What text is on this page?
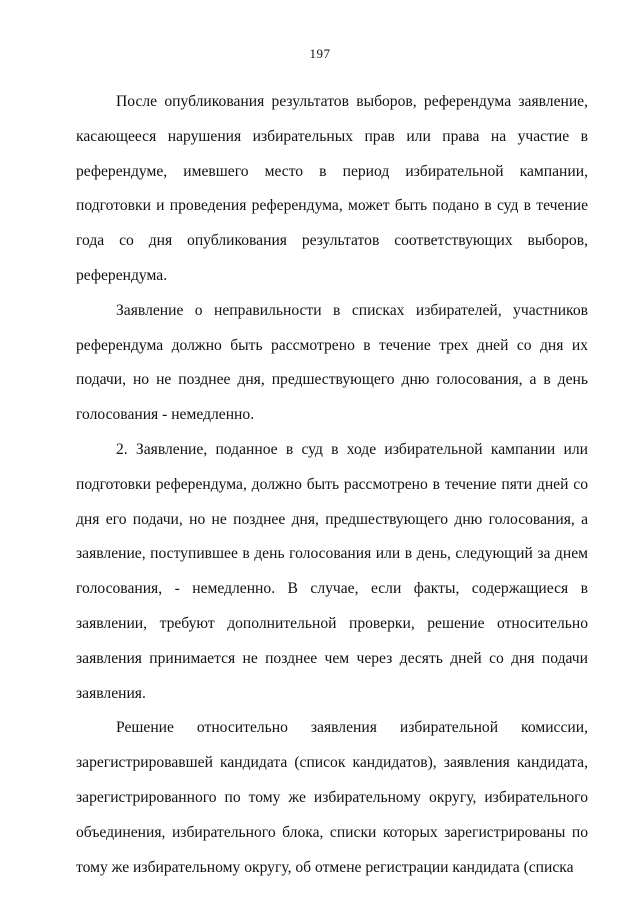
197

После опубликования результатов выборов, референдума заявление, касающееся нарушения избирательных прав или права на участие в референдуме, имевшего место в период избирательной кампании, подготовки и проведения референдума, может быть подано в суд в течение года со дня опубликования результатов соответствующих выборов, референдума.

Заявление о неправильности в списках избирателей, участников референдума должно быть рассмотрено в течение трех дней со дня их подачи, но не позднее дня, предшествующего дню голосования, а в день голосования - немедленно.

2. Заявление, поданное в суд в ходе избирательной кампании или подготовки референдума, должно быть рассмотрено в течение пяти дней со дня его подачи, но не позднее дня, предшествующего дню голосования, а заявление, поступившее в день голосования или в день, следующий за днем голосования, - немедленно. В случае, если факты, содержащиеся в заявлении, требуют дополнительной проверки, решение относительно заявления принимается не позднее чем через десять дней со дня подачи заявления.

Решение относительно заявления избирательной комиссии, зарегистрировавшей кандидата (список кандидатов), заявления кандидата, зарегистрированного по тому же избирательному округу, избирательного объединения, избирательного блока, списки которых зарегистрированы по тому же избирательному округу, об отмене регистрации кандидата (списка
